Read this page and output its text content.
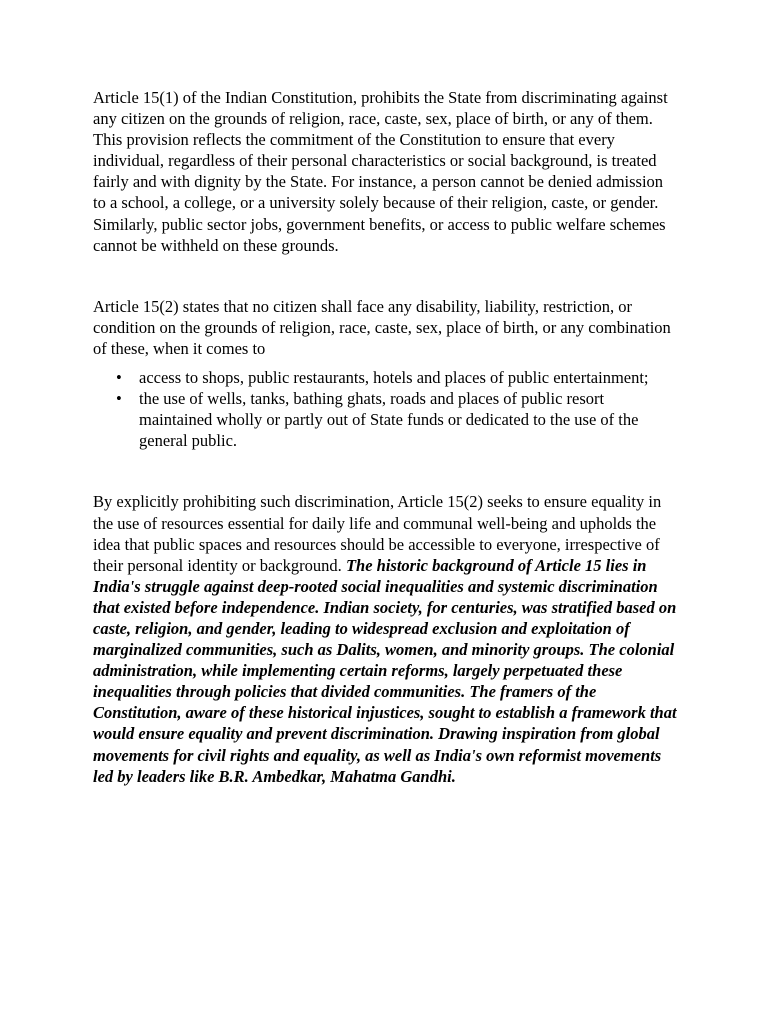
Article 15(1) of the Indian Constitution, prohibits the State from discriminating against any citizen on the grounds of religion, race, caste, sex, place of birth, or any of them. This provision reflects the commitment of the Constitution to ensure that every individual, regardless of their personal characteristics or social background, is treated fairly and with dignity by the State. For instance, a person cannot be denied admission to a school, a college, or a university solely because of their religion, caste, or gender. Similarly, public sector jobs, government benefits, or access to public welfare schemes cannot be withheld on these grounds.

Article 15(2) states that no citizen shall face any disability, liability, restriction, or condition on the grounds of religion, race, caste, sex, place of birth, or any combination of these, when it comes to

• access to shops, public restaurants, hotels and places of public entertainment;
• the use of wells, tanks, bathing ghats, roads and places of public resort maintained wholly or partly out of State funds or dedicated to the use of the general public.

By explicitly prohibiting such discrimination, Article 15(2) seeks to ensure equality in the use of resources essential for daily life and communal well-being and upholds the idea that public spaces and resources should be accessible to everyone, irrespective of their personal identity or background. The historic background of Article 15 lies in India's struggle against deep-rooted social inequalities and systemic discrimination that existed before independence. Indian society, for centuries, was stratified based on caste, religion, and gender, leading to widespread exclusion and exploitation of marginalized communities, such as Dalits, women, and minority groups. The colonial administration, while implementing certain reforms, largely perpetuated these inequalities through policies that divided communities. The framers of the Constitution, aware of these historical injustices, sought to establish a framework that would ensure equality and prevent discrimination. Drawing inspiration from global movements for civil rights and equality, as well as India's own reformist movements led by leaders like B.R. Ambedkar, Mahatma Gandhi.
